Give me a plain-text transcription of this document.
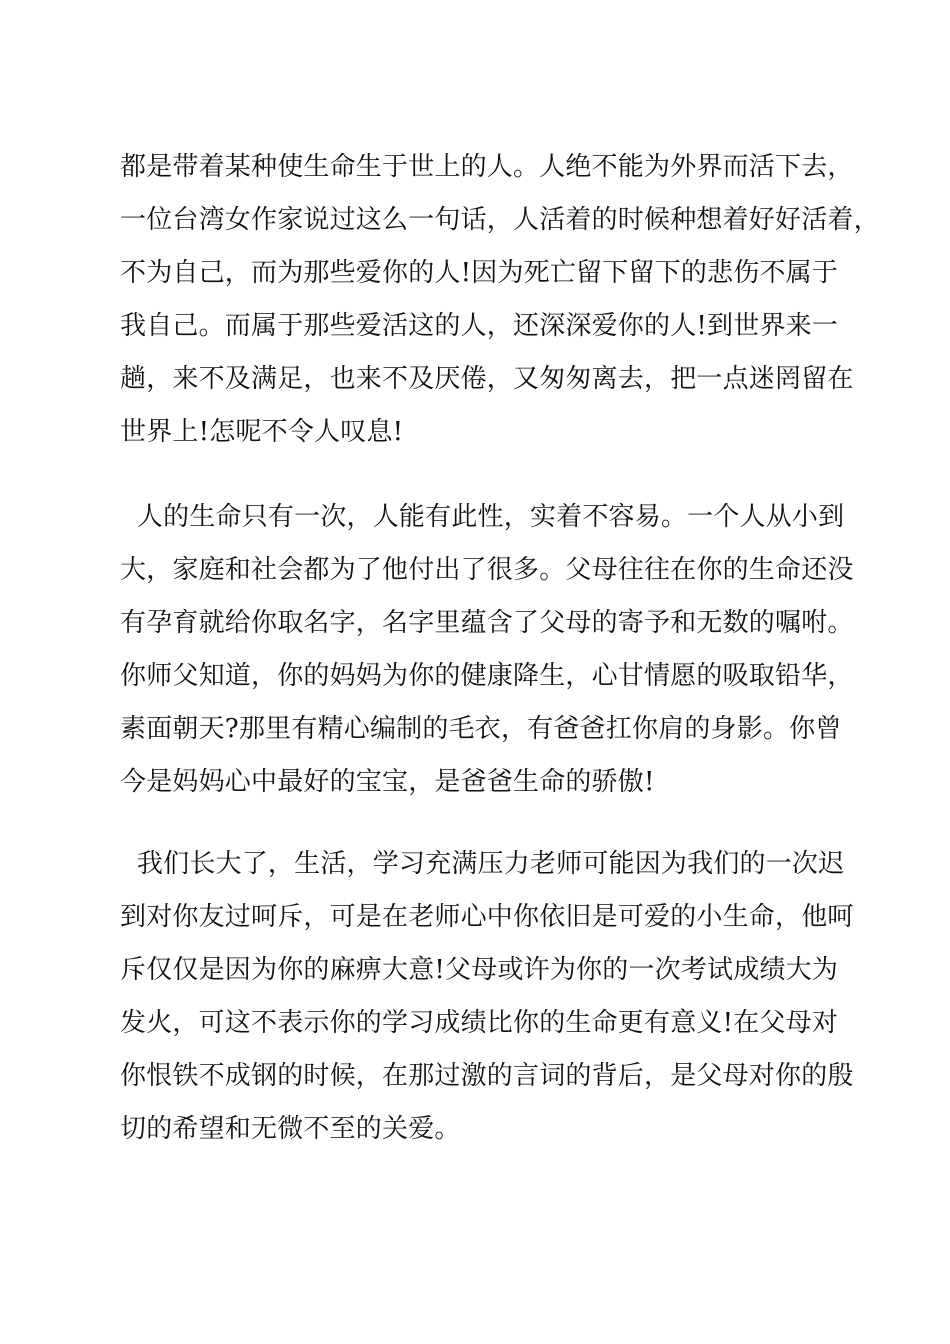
都是带着某种使生命生于世上的人。人绝不能为外界而活下去，
一位台湾女作家说过这么一句话，人活着的时候种想着好好活着，
不为自己，而为那些爱你的人!因为死亡留下留下的悲伤不属于
我自己。而属于那些爱活这的人，还深深爱你的人!到世界来一
趟，来不及满足，也来不及厌倦，又匆匆离去，把一点迷罔留在
世界上!怎呢不令人叹息!
人的生命只有一次，人能有此性，实着不容易。一个人从小到
大，家庭和社会都为了他付出了很多。父母往往在你的生命还没
有孕育就给你取名字，名字里蕴含了父母的寄予和无数的嘱咐。
你师父知道，你的妈妈为你的健康降生，心甘情愿的吸取铅华，
素面朝天?那里有精心编制的毛衣，有爸爸扛你肩的身影。你曾
今是妈妈心中最好的宝宝，是爸爸生命的骄傲!
我们长大了，生活，学习充满压力老师可能因为我们的一次迟
到对你友过呵斥，可是在老师心中你依旧是可爱的小生命，他呵
斥仅仅是因为你的麻痹大意!父母或许为你的一次考试成绩大为
发火，可这不表示你的学习成绩比你的生命更有意义!在父母对
你恨铁不成钢的时候，在那过激的言词的背后，是父母对你的殷
切的希望和无微不至的关爱。
